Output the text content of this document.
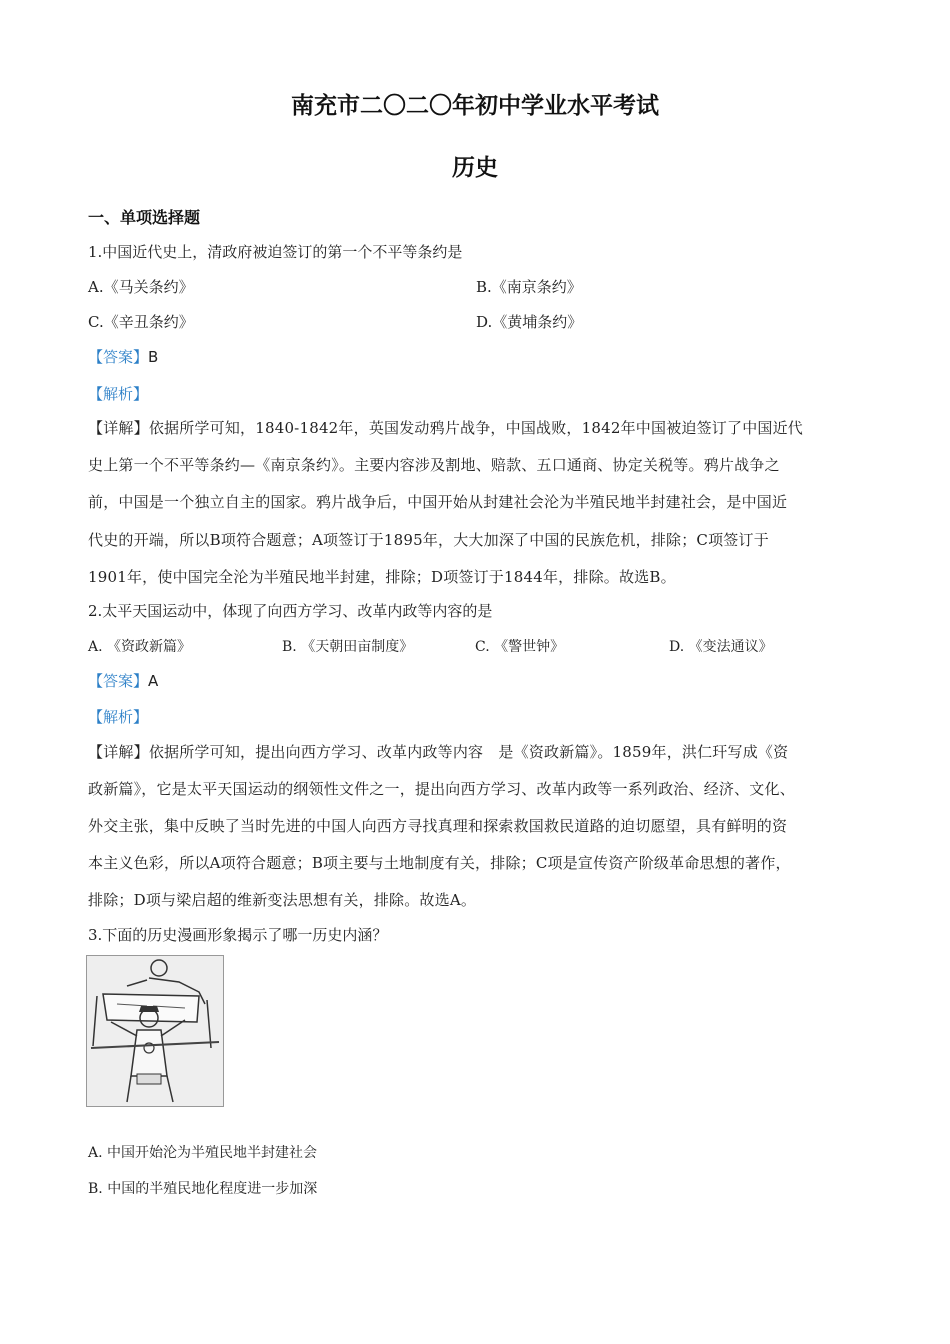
南充市二〇二〇年初中学业水平考试
历史
一、单项选择题
1.中国近代史上，清政府被迫签订的第一个不平等条约是
A.《马关条约》	B.《南京条约》
C.《辛丑条约》	D.《黄埔条约》
【答案】B
【解析】
【详解】依据所学可知，1840-1842年，英国发动鸦片战争，中国战败，1842年中国被迫签订了中国近代
史上第一个不平等条约—《南京条约》。主要内容涉及割地、赔款、五口通商、协定关税等。鸦片战争之
前，中国是一个独立自主的国家。鸦片战争后，中国开始从封建社会沦为半殖民地半封建社会，是中国近
代史的开端，所以B项符合题意；A项签订于1895年，大大加深了中国的民族危机，排除；C项签订于
1901年，使中国完全沦为半殖民地半封建，排除；D项签订于1844年，排除。故选B。
2.太平天国运动中，体现了向西方学习、改革内政等内容的是
A. 《资政新篇》	B. 《天朝田亩制度》	C. 《警世钟》	D. 《变法通议》
【答案】A
【解析】
【详解】依据所学可知，提出向西方学习、改革内政等内容　是《资政新篇》。1859年，洪仁玕写成《资
政新篇》，它是太平天国运动的纲领性文件之一，提出向西方学习、改革内政等一系列政治、经济、文化、
外交主张，集中反映了当时先进的中国人向西方寻找真理和探索救国救民道路的迫切愿望，具有鲜明的资
本主义色彩，所以A项符合题意；B项主要与土地制度有关，排除；C项是宣传资产阶级革命思想的著作，
排除；D项与梁启超的维新变法思想有关，排除。故选A。
3.下面的历史漫画形象揭示了哪一历史内涵？
A. 中国开始沦为半殖民地半封建社会
B. 中国的半殖民地化程度进一步加深
